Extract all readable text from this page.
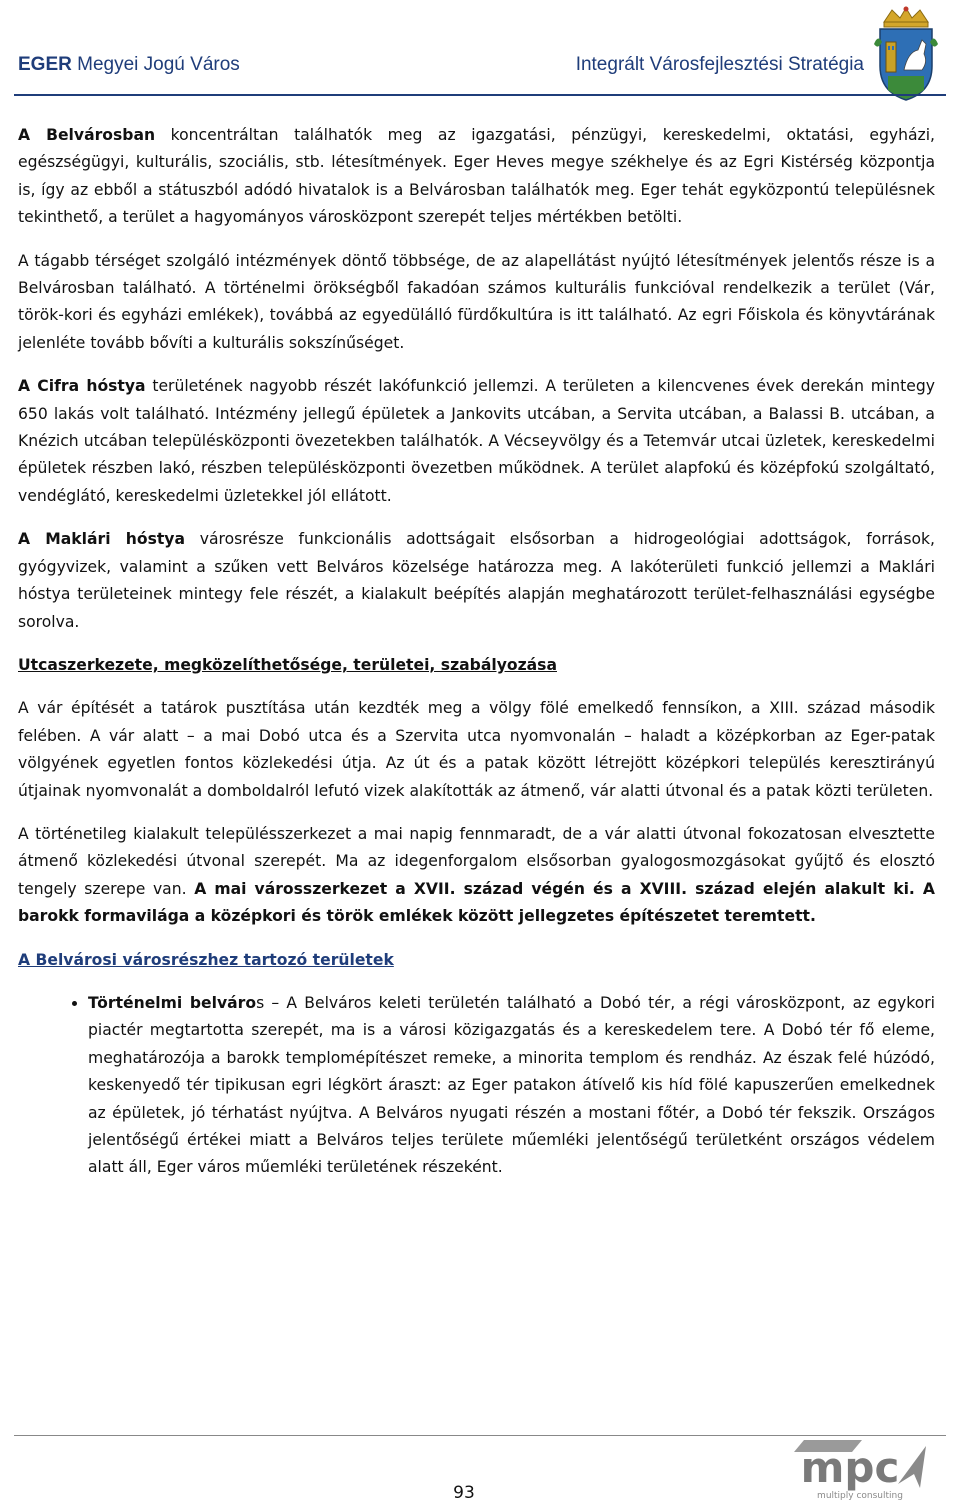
EGER Megyei Jogú Város	Integrált Városfejlesztési Stratégia

A Belvárosban koncentráltan találhatók meg az igazgatási, pénzügyi, kereskedelmi, oktatási, egyházi, egészségügyi, kulturális, szociális, stb. létesítmények. Eger Heves megye székhelye és az Egri Kistérség központja is, így az ebből a státuszból adódó hivatalok is a Belvárosban találhatók meg. Eger tehát egyközpontú településnek tekinthető, a terület a hagyományos városközpont szerepét teljes mértékben betölti.

A tágabb térséget szolgáló intézmények döntő többsége, de az alapellátást nyújtó létesítmények jelentős része is a Belvárosban található. A történelmi örökségből fakadóan számos kulturális funkcióval rendelkezik a terület (Vár, török-kori és egyházi emlékek), továbbá az egyedülálló fürdőkultúra is itt található. Az egri Főiskola és könyvtárának jelenléte tovább bővíti a kulturális sokszínűséget.

A Cifra hóstya területének nagyobb részét lakófunkció jellemzi. A területen a kilencvenes évek derekán mintegy 650 lakás volt található. Intézmény jellegű épületek a Jankovits utcában, a Servita utcában, a Balassi B. utcában, a Knézich utcában településközponti övezetekben találhatók. A Vécseyvölgy és a Tetemvár utcai üzletek, kereskedelmi épületek részben lakó, részben településközponti övezetben működnek. A terület alapfokú és középfokú szolgáltató, vendéglátó, kereskedelmi üzletekkel jól ellátott.

A Maklári hóstya városrésze funkcionális adottságait elsősorban a hidrogeológiai adottságok, források, gyógyvizek, valamint a szűken vett Belváros közelsége határozza meg. A lakóterületi funkció jellemzi a Maklári hóstya területeinek mintegy fele részét, a kialakult beépítés alapján meghatározott terület-felhasználási egységbe sorolva.

Utcaszerkezete, megközelíthetősége, területei, szabályozása

A vár építését a tatárok pusztítása után kezdték meg a völgy fölé emelkedő fennsíkon, a XIII. század második felében. A vár alatt – a mai Dobó utca és a Szervita utca nyomvonalán – haladt a középkorban az Eger-patak völgyének egyetlen fontos közlekedési útja. Az út és a patak között létrejött középkori település keresztirányú útjainak nyomvonalát a domboldalról lefutó vizek alakították az átmenő, vár alatti útvonal és a patak közti területen.

A történetileg kialakult településszerkezet a mai napig fennmaradt, de a vár alatti útvonal fokozatosan elvesztette átmenő közlekedési útvonal szerepét. Ma az idegenforgalom elsősorban gyalogosmozgásokat gyűjtő és elosztó tengely szerepe van. A mai városszerkezet a XVII. század végén és a XVIII. század elején alakult ki. A barokk formavilága a középkori és török emlékek között jellegzetes építészetet teremtett.

A Belvárosi városrészhez tartozó területek
• Történelmi belváros – A Belváros keleti területén található a Dobó tér, a régi városközpont, az egykori piactér megtartotta szerepét, ma is a városi közigazgatás és a kereskedelem tere. A Dobó tér fő eleme, meghatározója a barokk templomépítészet remeke, a minorita templom és rendház. Az észak felé húzódó, keskenyedő tér tipikusan egri légkört áraszt: az Eger patakon átívelő kis híd fölé kapuszerűen emelkednek az épületek, jó térhatást nyújtva. A Belváros nyugati részén a mostani főtér, a Dobó tér fekszik. Országos jelentőségű értékei miatt a Belváros teljes területe műemléki jelentőségű területként országos védelem alatt áll, Eger város műemléki területének részeként.
93
mpc
multiply consulting
